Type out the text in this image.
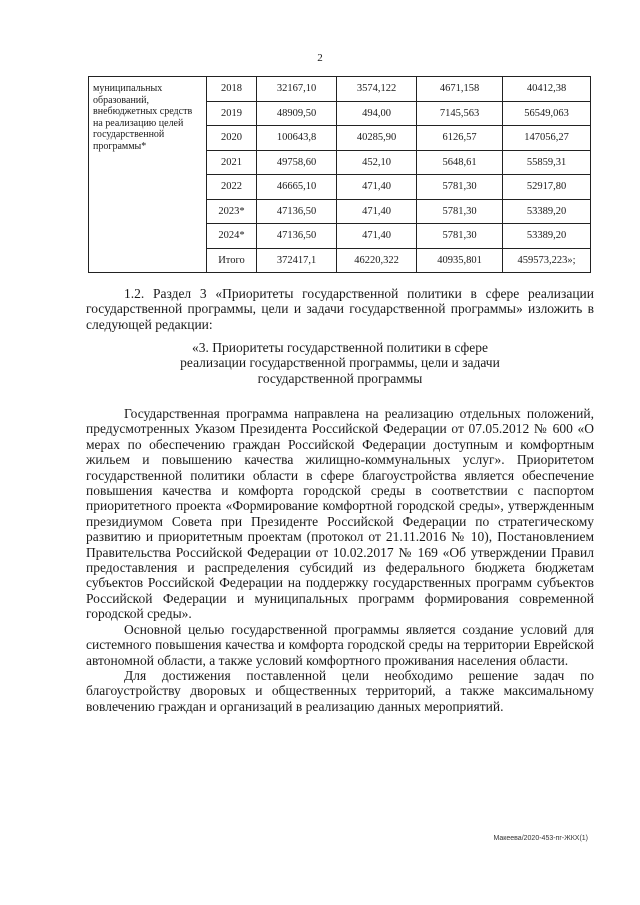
2
муниципальных образований, внебюджетных средств на реализацию целей государственной программы*	2018	32167,10	3574,122	4671,158	40412,38
	2019	48909,50	494,00	7145,563	56549,063
	2020	100643,8	40285,90	6126,57	147056,27
	2021	49758,60	452,10	5648,61	55859,31
	2022	46665,10	471,40	5781,30	52917,80
	2023*	47136,50	471,40	5781,30	53389,20
	2024*	47136,50	471,40	5781,30	53389,20
	Итого	372417,1	46220,322	40935,801	459573,223»;
1.2. Раздел 3 «Приоритеты государственной политики в сфере реализации государственной программы, цели и задачи государственной программы» изложить в следующей редакции:

«3. Приоритеты государственной политики в сфере

реализации государственной программы, цели и задачи

государственной программы

Государственная программа направлена на реализацию отдельных положений, предусмотренных Указом Президента Российской Федерации от 07.05.2012 № 600 «О мерах по обеспечению граждан Российской Федерации доступным и комфортным жильем и повышению качества жилищно-коммунальных услуг». Приоритетом государственной политики области в сфере благоустройства является обеспечение повышения качества и комфорта городской среды в соответствии с паспортом приоритетного проекта «Формирование комфортной городской среды», утвержденным президиумом Совета при Президенте Российской Федерации по стратегическому развитию и приоритетным проектам (протокол от 21.11.2016 № 10), Постановлением Правительства Российской Федерации от 10.02.2017 № 169 «Об утверждении Правил предоставления и распределения субсидий из федерального бюджета бюджетам субъектов Российской Федерации на поддержку государственных программ субъектов Российской Федерации и муниципальных программ формирования современной городской среды».

Основной целью государственной программы является создание условий для системного повышения качества и комфорта городской среды на территории Еврейской автономной области, а также условий комфортного проживания населения области.

Для достижения поставленной цели необходимо решение задач по благоустройству дворовых и общественных территорий, а также максимальному вовлечению граждан и организаций в реализацию данных мероприятий.

Макеева/2020-453-пг-ЖКХ(1)
